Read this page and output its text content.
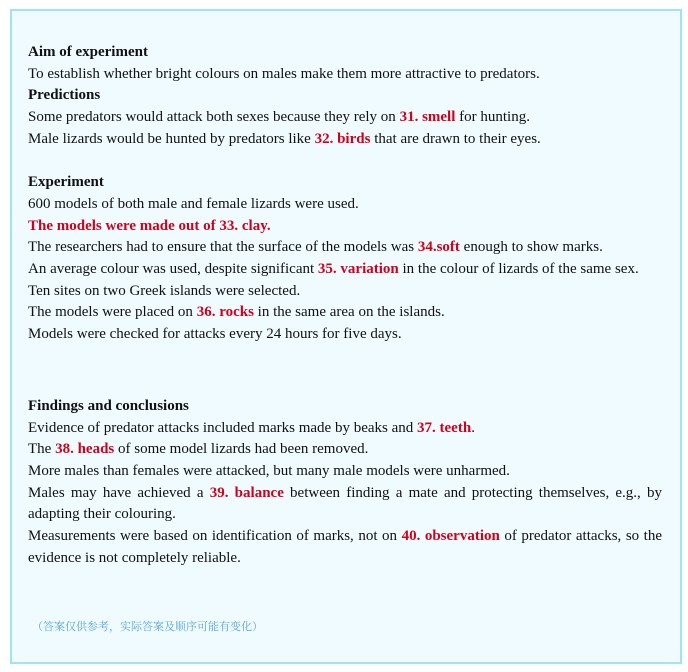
Aim of experiment

To establish whether bright colours on males make them more attractive to predators.

Predictions

Some predators would attack both sexes because they rely on 31. smell for hunting.

Male lizards would be hunted by predators like 32. birds that are drawn to their eyes.

Experiment

600 models of both male and female lizards were used.

The models were made out of 33. clay.

The researchers had to ensure that the surface of the models was 34.soft enough to show marks.

An average colour was used, despite significant 35. variation in the colour of lizards of the same sex.

Ten sites on two Greek islands were selected.

The models were placed on 36. rocks in the same area on the islands.

Models were checked for attacks every 24 hours for five days.

Findings and conclusions

Evidence of predator attacks included marks made by beaks and 37. teeth.

The 38. heads of some model lizards had been removed.

More males than females were attacked, but many male models were unharmed.

Males may have achieved a 39. balance between finding a mate and protecting themselves, e.g., by adapting their colouring.

Measurements were based on identification of marks, not on 40. observation of predator attacks, so the evidence is not completely reliable.

（答案仅供参考，实际答案及顺序可能有变化）
